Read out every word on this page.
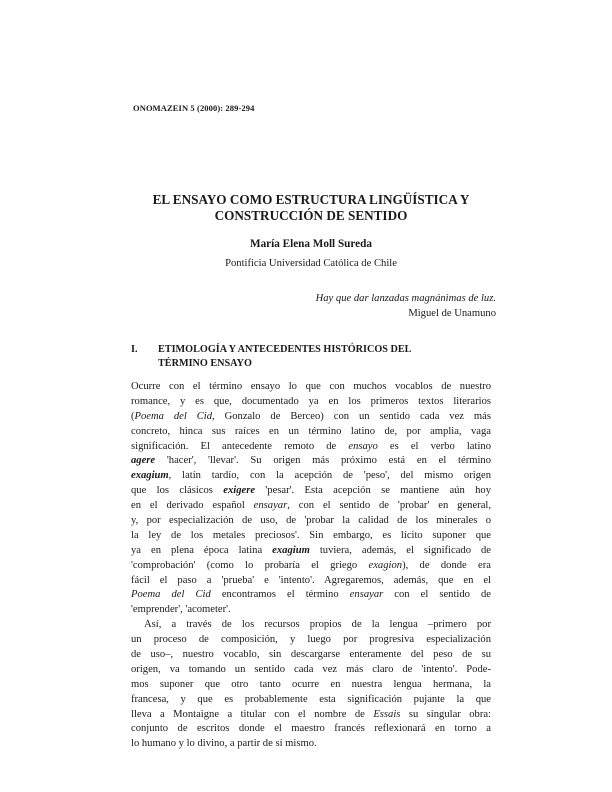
ONOMAZEIN 5 (2000): 289-294
EL ENSAYO COMO ESTRUCTURA LINGÜÍSTICA Y
CONSTRUCCIÓN DE SENTIDO
María Elena Moll Sureda
Pontificia Universidad Católica de Chile
Hay que dar lanzadas magnánimas de luz.
Miguel de Unamuno
I. ETIMOLOGÍA Y ANTECEDENTES HISTÓRICOS DEL
TÉRMINO ENSAYO
Ocurre con el término ensayo lo que con muchos vocablos de nuestro
romance, y es que, documentado ya en los primeros textos literarios
(Poema del Cid, Gonzalo de Berceo) con un sentido cada vez más
concreto, hinca sus raíces en un término latino de, por amplia, vaga
significación. El antecedente remoto de ensayo es el verbo latino
agere 'hacer', 'llevar'. Su origen más próximo está en el término
exagium, latín tardío, con la acepción de 'peso', del mismo origen
que los clásicos exigere 'pesar'. Esta acepción se mantiene aún hoy
en el derivado español ensayar, con el sentido de 'probar' en general,
y, por especialización de uso, de 'probar la calidad de los minerales o
la ley de los metales preciosos'. Sin embargo, es lícito suponer que
ya en plena época latina exagium tuviera, además, el significado de
'comprobación' (como lo probaría el griego exagion), de donde era
fácil el paso a 'prueba' e 'intento'. Agregaremos, además, que en el
Poema del Cid encontramos el término ensayar con el sentido de
'emprender', 'acometer'.
Así, a través de los recursos propios de la lengua –primero por
un proceso de composición, y luego por progresiva especialización
de uso–, nuestro vocablo, sin descargarse enteramente del peso de su
origen, va tomando un sentido cada vez más claro de 'intento'. Pode-
mos suponer que otro tanto ocurre en nuestra lengua hermana, la
francesa, y que es probablemente esta significación pujante la que
lleva a Montaigne a titular con el nombre de Essais su singular obra:
conjunto de escritos donde el maestro francés reflexionará en torno a
lo humano y lo divino, a partir de sí mismo.
